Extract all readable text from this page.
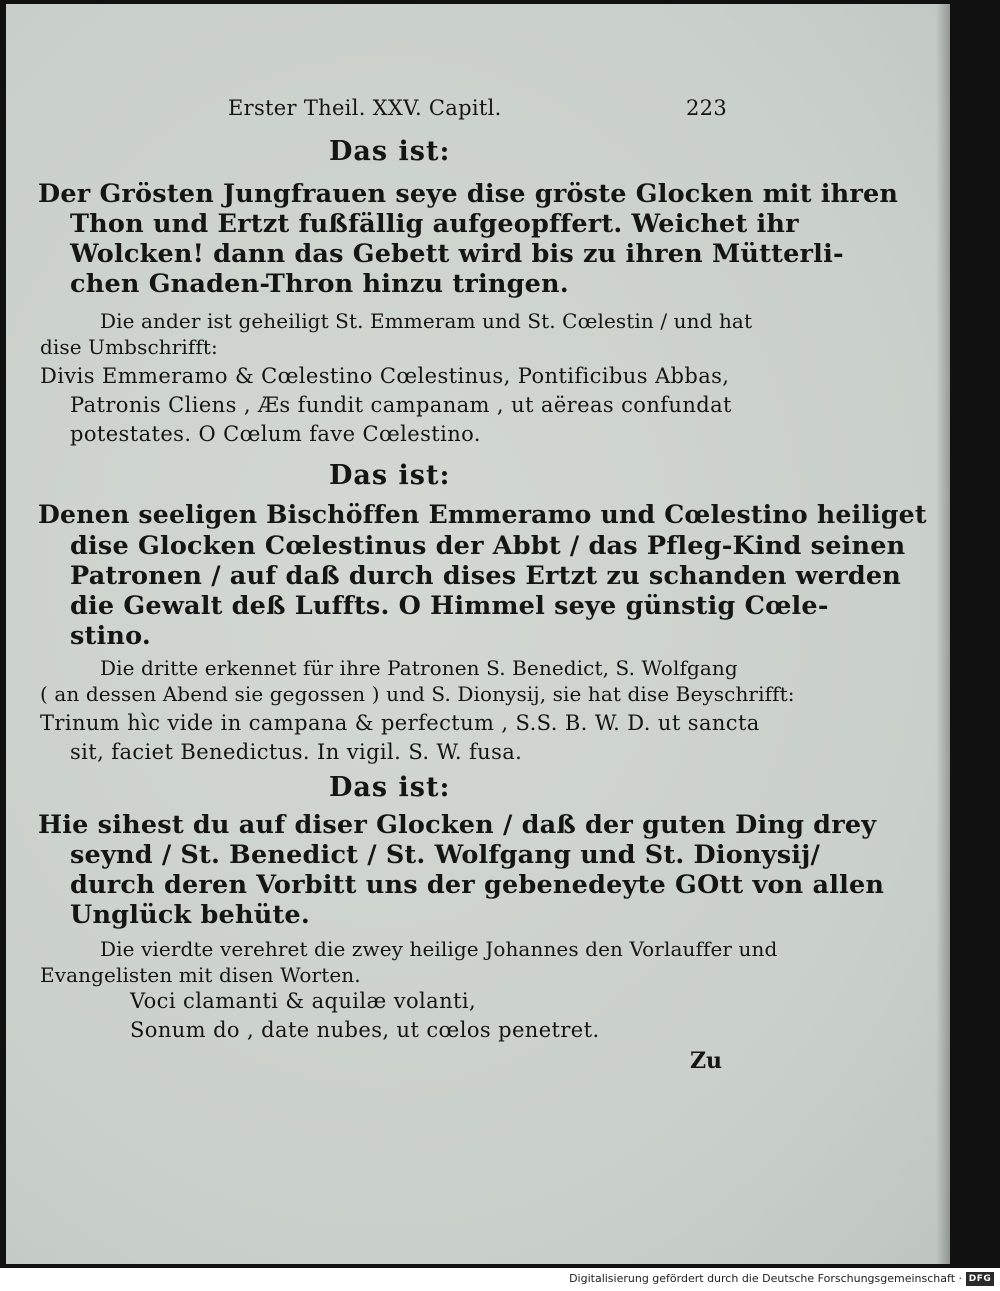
Erster Theil. XXV. Capitl.	223

Das ist:

Der Grösten Jungfrauen seye dise gröste Glocken mit ihren

Thon und Ertzt fußfällig aufgeopffert. Weichet ihr

Wolcken! dann das Gebett wird bis zu ihren Mütterli-

chen Gnaden-Thron hinzu tringen.

Die ander ist geheiligt St. Emmeram und St. Cœlestin / und hat

dise Umbschrifft:

Divis Emmeramo & Cœlestino Cœlestinus, Pontificibus Abbas,

Patronis Cliens , Æs fundit campanam , ut aëreas confundat

potestates. O Cœlum fave Cœlestino.

Das ist:

Denen seeligen Bischöffen Emmeramo und Cœlestino heiliget

dise Glocken Cœlestinus der Abbt / das Pfleg-Kind seinen

Patronen / auf daß durch dises Ertzt zu schanden werden

die Gewalt deß Luffts. O Himmel seye günstig Cœle-

stino.

Die dritte erkennet für ihre Patronen S. Benedict, S. Wolfgang

( an dessen Abend sie gegossen ) und S. Dionysij, sie hat dise Beyschrifft:

Trinum hìc vide in campana & perfectum , S.S. B. W. D. ut sancta

sit, faciet Benedictus. In vigil. S. W. fusa.

Das ist:

Hie sihest du auf diser Glocken / daß der guten Ding drey

seynd / St. Benedict / St. Wolfgang und St. Dionysij/

durch deren Vorbitt uns der gebenedeyte GOtt von allen

Unglück behüte.

Die vierdte verehret die zwey heilige Johannes den Vorlauffer und

Evangelisten mit disen Worten.

Voci clamanti & aquilæ volanti,

Sonum do , date nubes, ut cœlos penetret.

Zu

Digitalisierung gefördert durch die Deutsche Forschungsgemeinschaft · DFG
